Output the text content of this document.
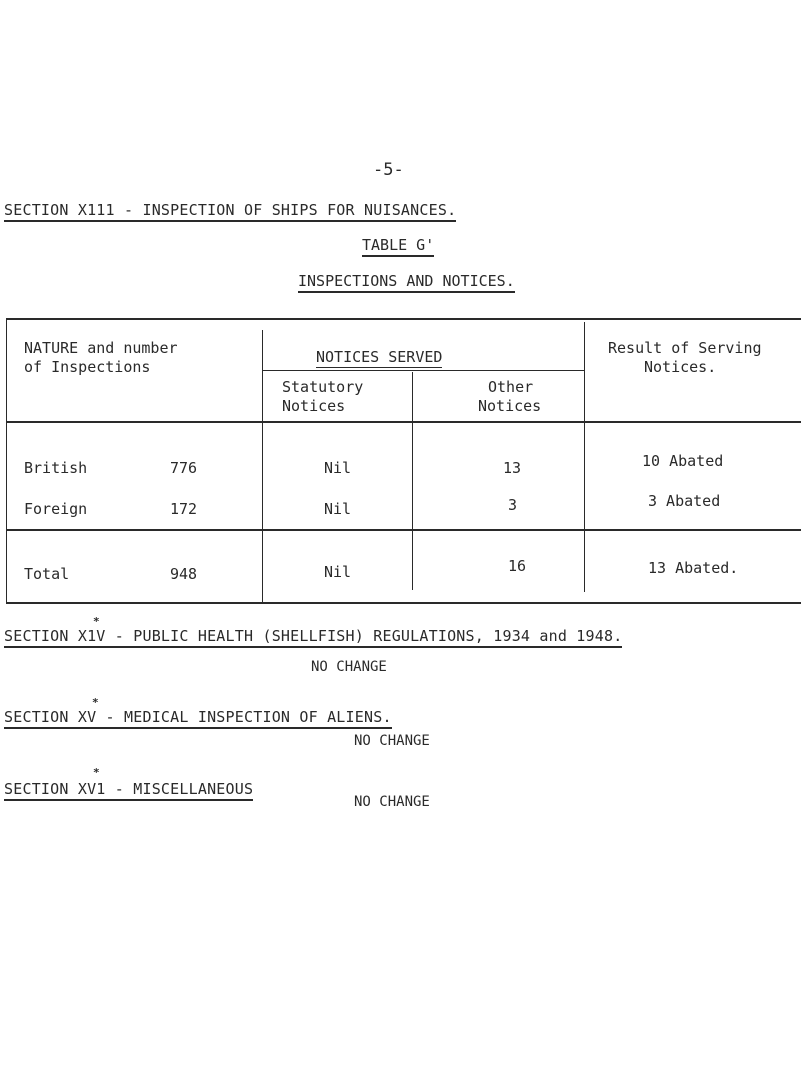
-5-
SECTION X111 - INSPECTION OF SHIPS FOR NUISANCES.
TABLE G'
INSPECTIONS AND NOTICES.
NATURE and number
of Inspections
NOTICES SERVED
Statutory
Notices
Other
Notices
Result of Serving
Notices.
British	776	Nil	13	10 Abated
Foreign	172	Nil	3	3 Abated
Total	948	Nil	16	13 Abated.
*
SECTION X1V - PUBLIC HEALTH (SHELLFISH) REGULATIONS, 1934 and 1948.
NO CHANGE
*
SECTION XV - MEDICAL INSPECTION OF ALIENS.
NO CHANGE
*
SECTION XV1 - MISCELLANEOUS
NO CHANGE
